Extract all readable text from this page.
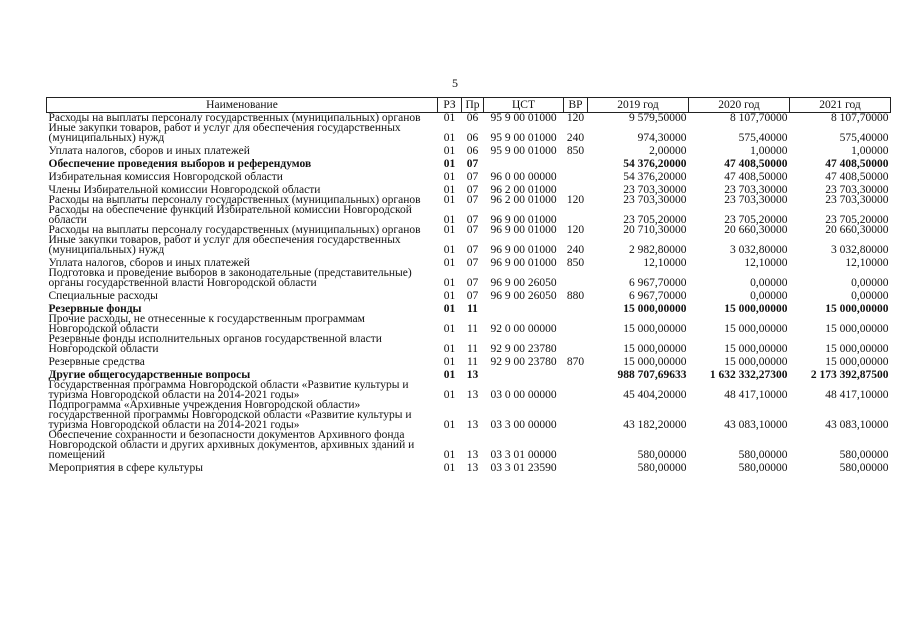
5
Наименование	РЗ	Пр	ЦСТ	ВР	2019 год	2020 год	2021 год
Расходы на выплаты персоналу государственных (муниципальных) органов	01	06	95 9 00 01000	120	9 579,50000	8 107,70000	8 107,70000
Иные закупки товаров, работ и услуг для обеспечения государственных (муниципальных) нужд	01	06	95 9 00 01000	240	974,30000	575,40000	575,40000
Уплата налогов, сборов и иных платежей	01	06	95 9 00 01000	850	2,00000	1,00000	1,00000
Обеспечение проведения выборов и референдумов	01	07			54 376,20000	47 408,50000	47 408,50000
Избирательная комиссия Новгородской области	01	07	96 0 00 00000		54 376,20000	47 408,50000	47 408,50000
Члены Избирательной комиссии Новгородской области	01	07	96 2 00 01000		23 703,30000	23 703,30000	23 703,30000
Расходы на выплаты персоналу государственных (муниципальных) органов	01	07	96 2 00 01000	120	23 703,30000	23 703,30000	23 703,30000
Расходы на обеспечение функций Избирательной комиссии Новгородской области	01	07	96 9 00 01000		23 705,20000	23 705,20000	23 705,20000
Расходы на выплаты персоналу государственных (муниципальных) органов	01	07	96 9 00 01000	120	20 710,30000	20 660,30000	20 660,30000
Иные закупки товаров, работ и услуг для обеспечения государственных (муниципальных) нужд	01	07	96 9 00 01000	240	2 982,80000	3 032,80000	3 032,80000
Уплата налогов, сборов и иных платежей	01	07	96 9 00 01000	850	12,10000	12,10000	12,10000
Подготовка и проведение выборов в законодательные (представительные) органы государственной власти Новгородской области	01	07	96 9 00 26050		6 967,70000	0,00000	0,00000
Специальные расходы	01	07	96 9 00 26050	880	6 967,70000	0,00000	0,00000
Резервные фонды	01	11			15 000,00000	15 000,00000	15 000,00000
Прочие расходы, не отнесенные к государственным программам Новгородской области	01	11	92 0 00 00000		15 000,00000	15 000,00000	15 000,00000
Резервные фонды исполнительных органов государственной власти Новгородской области	01	11	92 9 00 23780		15 000,00000	15 000,00000	15 000,00000
Резервные средства	01	11	92 9 00 23780	870	15 000,00000	15 000,00000	15 000,00000
Другие общегосударственные вопросы	01	13			988 707,69633	1 632 332,27300	2 173 392,87500
Государственная программа Новгородской области «Развитие культуры и туризма Новгородской области на 2014-2021 годы»	01	13	03 0 00 00000		45 404,20000	48 417,10000	48 417,10000
Подпрограмма «Архивные учреждения Новгородской области» государственной программы Новгородской области «Развитие культуры и туризма Новгородской области на 2014-2021 годы»	01	13	03 3 00 00000		43 182,20000	43 083,10000	43 083,10000
Обеспечение сохранности и безопасности документов Архивного фонда Новгородской области и других архивных документов, архивных зданий и помещений	01	13	03 3 01 00000		580,00000	580,00000	580,00000
Мероприятия в сфере культуры	01	13	03 3 01 23590		580,00000	580,00000	580,00000
